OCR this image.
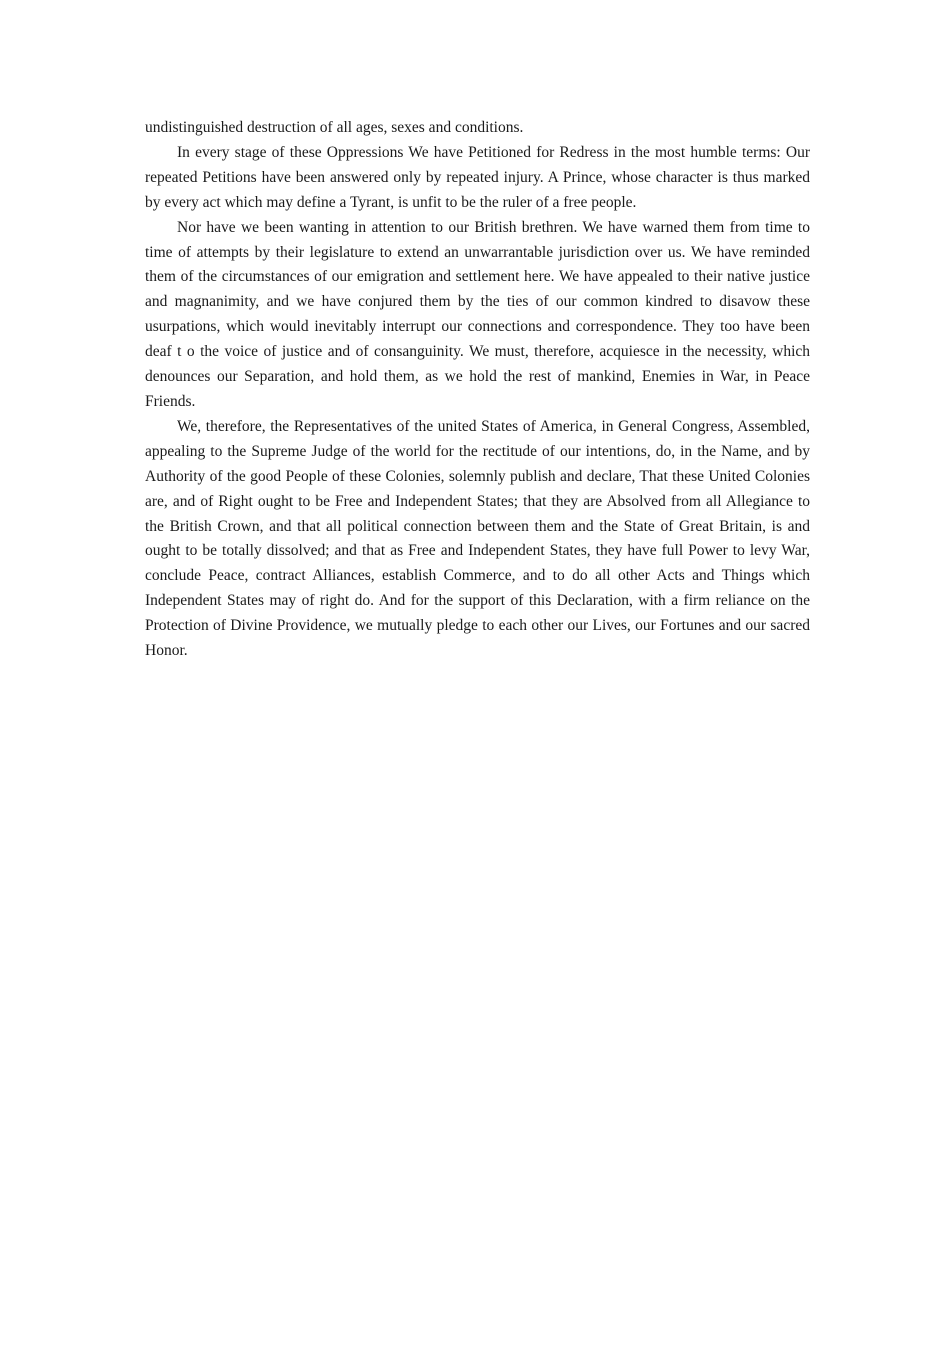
undistinguished destruction of all ages, sexes and conditions.

In every stage of these Oppressions We have Petitioned for Redress in the most humble terms: Our repeated Petitions have been answered only by repeated injury. A Prince, whose character is thus marked by every act which may define a Tyrant, is unfit to be the ruler of a free people.

Nor have we been wanting in attention to our British brethren. We have warned them from time to time of attempts by their legislature to extend an unwarrantable jurisdiction over us. We have reminded them of the circumstances of our emigration and settlement here. We have appealed to their native justice and magnanimity, and we have conjured them by the ties of our common kindred to disavow these usurpations, which would inevitably interrupt our connections and correspondence. They too have been deaf t o the voice of justice and of consanguinity. We must, therefore, acquiesce in the necessity, which denounces our Separation, and hold them, as we hold the rest of mankind, Enemies in War, in Peace Friends.

We, therefore, the Representatives of the united States of America, in General Congress, Assembled, appealing to the Supreme Judge of the world for the rectitude of our intentions, do, in the Name, and by Authority of the good People of these Colonies, solemnly publish and declare, That these United Colonies are, and of Right ought to be Free and Independent States; that they are Absolved from all Allegiance to the British Crown, and that all political connection between them and the State of Great Britain, is and ought to be totally dissolved; and that as Free and Independent States, they have full Power to levy War, conclude Peace, contract Alliances, establish Commerce, and to do all other Acts and Things which Independent States may of right do. And for the support of this Declaration, with a firm reliance on the Protection of Divine Providence, we mutually pledge to each other our Lives, our Fortunes and our sacred Honor.
